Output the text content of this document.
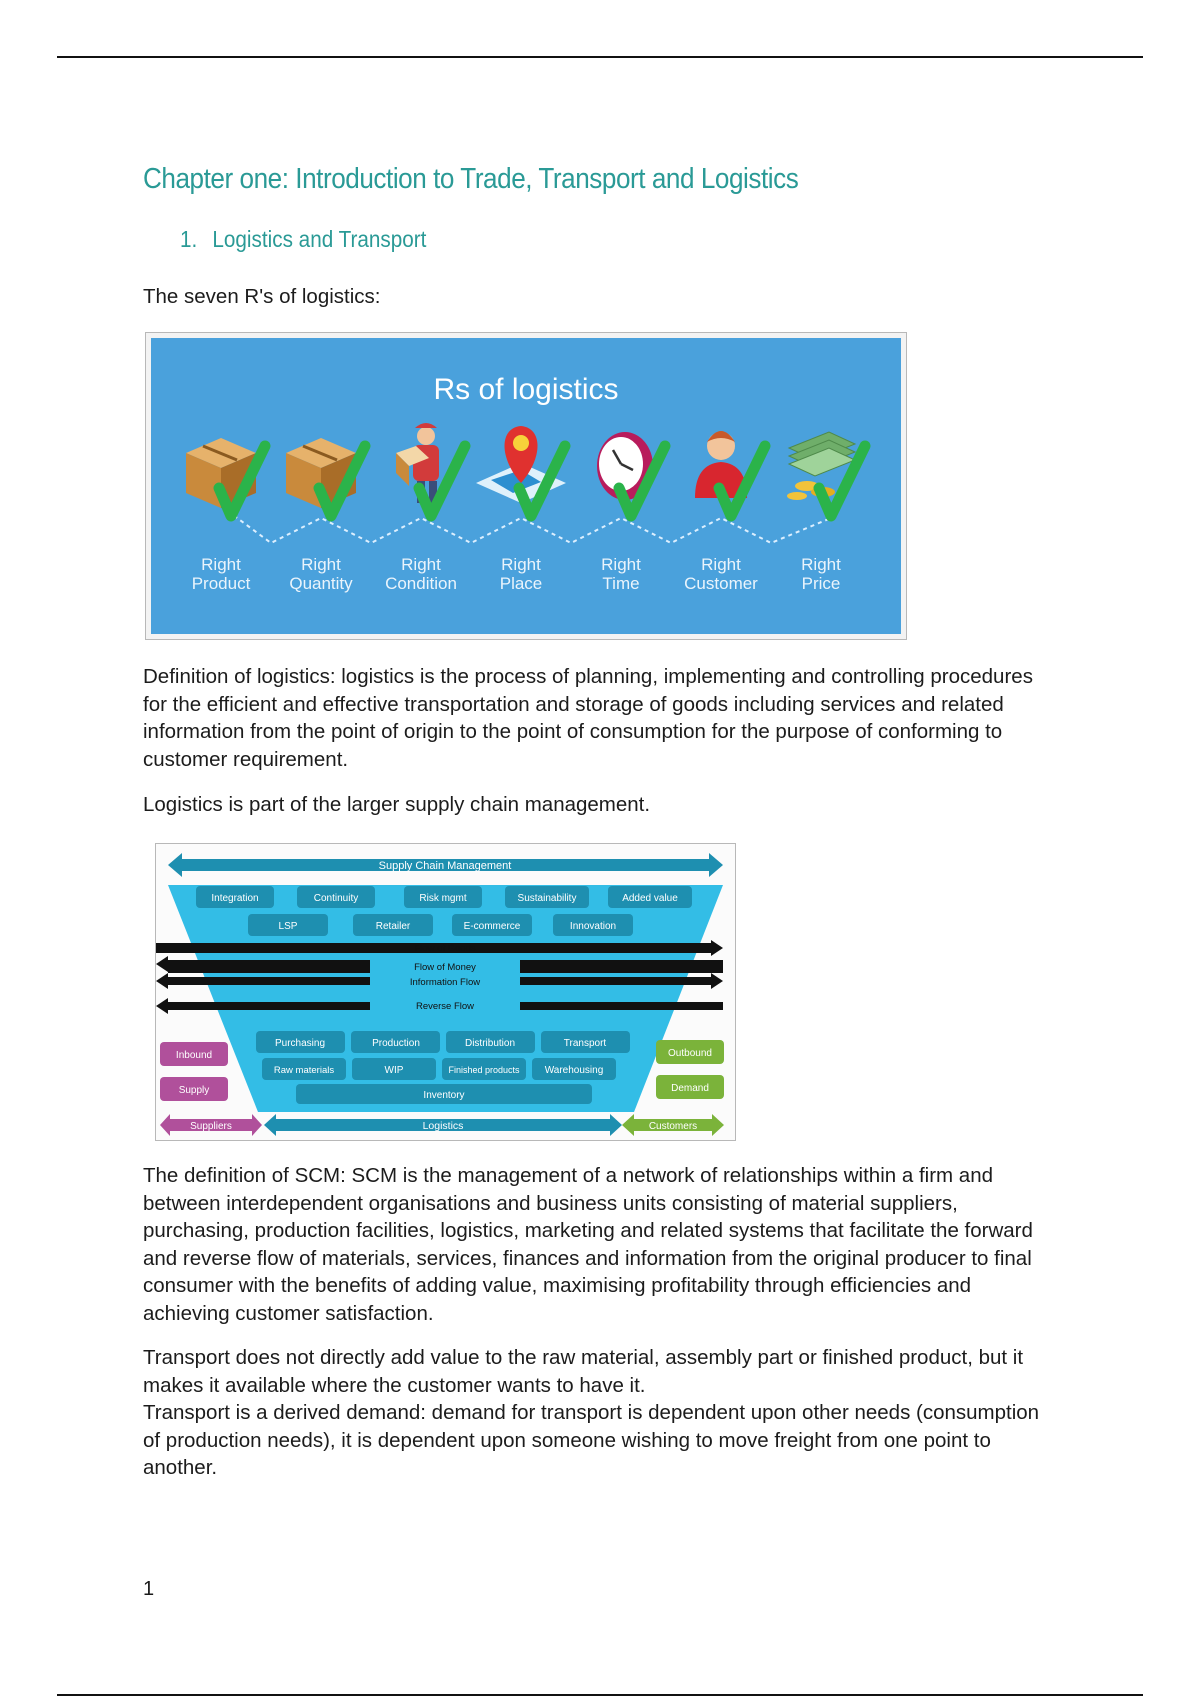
Chapter one: Introduction to Trade, Transport and Logistics
1. Logistics and Transport

The seven R's of logistics:

Rs of logistics
Right
Product
Right
Quantity
Right
Condition
Right
Place
Right
Time
Right
Customer
Right
Price

Definition of logistics: logistics is the process of planning, implementing and controlling procedures for the efficient and effective transportation and storage of goods including services and related information from the point of origin to the point of consumption for the purpose of conforming to customer requirement.

Logistics is part of the larger supply chain management.

Supply Chain Management
Integration	Continuity	Risk mgmt	Sustainability	Added value
LSP	Retailer	E-commerce	Innovation
Flow of Goods
Flow of Money
Information Flow
Reverse Flow
Purchasing	Production	Distribution	Transport
Raw materials	WIP	Finished products	Warehousing
Inventory
Inbound
Supply
Outbound
Demand
Suppliers	Logistics	Customers

The definition of SCM: SCM is the management of a network of relationships within a firm and between interdependent organisations and business units consisting of material suppliers, purchasing, production facilities, logistics, marketing and related systems that facilitate the forward and reverse flow of materials, services, finances and information from the original producer to final consumer with the benefits of adding value, maximising profitability through efficiencies and achieving customer satisfaction.

Transport does not directly add value to the raw material, assembly part or finished product, but it makes it available where the customer wants to have it.
Transport is a derived demand: demand for transport is dependent upon other needs (consumption of production needs), it is dependent upon someone wishing to move freight from one point to another.

1
